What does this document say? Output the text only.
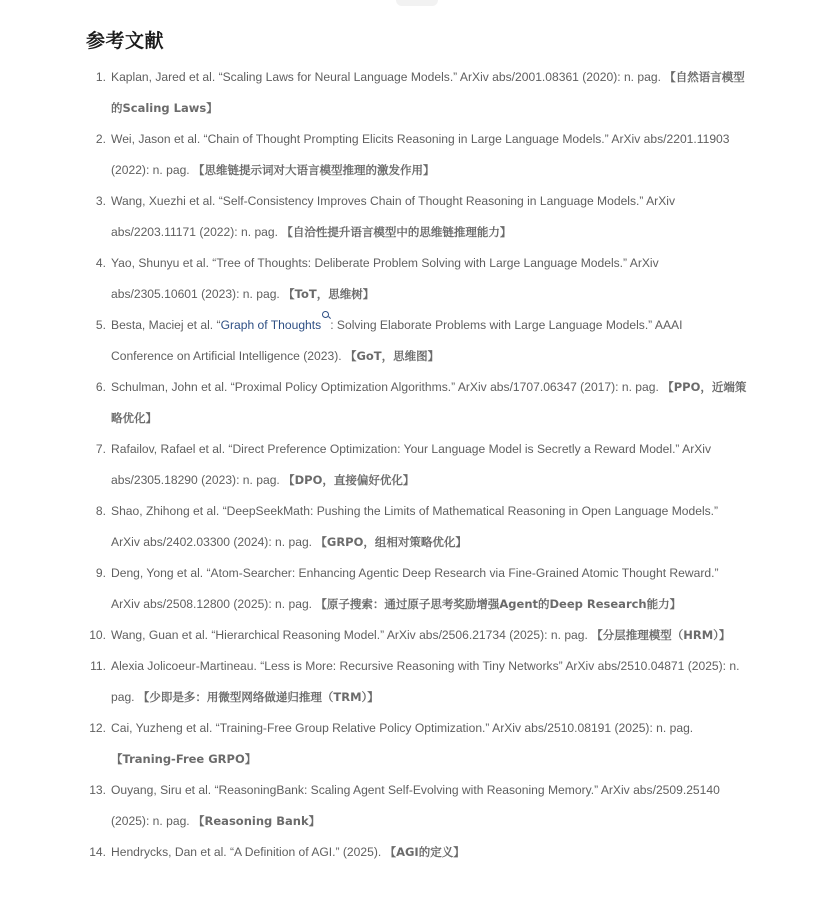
参考文献
1. Kaplan, Jared et al. “Scaling Laws for Neural Language Models.” ArXiv abs/2001.08361 (2020): n. pag. 【自然语言模型的Scaling Laws】
2. Wei, Jason et al. “Chain of Thought Prompting Elicits Reasoning in Large Language Models.” ArXiv abs/2201.11903 (2022): n. pag. 【思维链提示词对大语言模型推理的激发作用】
3. Wang, Xuezhi et al. “Self-Consistency Improves Chain of Thought Reasoning in Language Models.” ArXiv abs/2203.11171 (2022): n. pag. 【自洽性提升语言模型中的思维链推理能力】
4. Yao, Shunyu et al. “Tree of Thoughts: Deliberate Problem Solving with Large Language Models.” ArXiv abs/2305.10601 (2023): n. pag. 【ToT，思维树】
5. Besta, Maciej et al. “Graph of Thoughts : Solving Elaborate Problems with Large Language Models.” AAAI Conference on Artificial Intelligence (2023). 【GoT，思维图】
6. Schulman, John et al. “Proximal Policy Optimization Algorithms.” ArXiv abs/1707.06347 (2017): n. pag. 【PPO，近端策略优化】
7. Rafailov, Rafael et al. “Direct Preference Optimization: Your Language Model is Secretly a Reward Model.” ArXiv abs/2305.18290 (2023): n. pag. 【DPO，直接偏好优化】
8. Shao, Zhihong et al. “DeepSeekMath: Pushing the Limits of Mathematical Reasoning in Open Language Models.” ArXiv abs/2402.03300 (2024): n. pag. 【GRPO，组相对策略优化】
9. Deng, Yong et al. “Atom-Searcher: Enhancing Agentic Deep Research via Fine-Grained Atomic Thought Reward.” ArXiv abs/2508.12800 (2025): n. pag. 【原子搜索：通过原子思考奖励增强Agent的Deep Research能力】
10. Wang, Guan et al. “Hierarchical Reasoning Model.” ArXiv abs/2506.21734 (2025): n. pag. 【分层推理模型（HRM）】
11. Alexia Jolicoeur-Martineau. “Less is More: Recursive Reasoning with Tiny Networks” ArXiv abs/2510.04871 (2025): n. pag. 【少即是多：用微型网络做递归推理（TRM）】
12. Cai, Yuzheng et al. “Training-Free Group Relative Policy Optimization.” ArXiv abs/2510.08191 (2025): n. pag. 【Traning-Free GRPO】
13. Ouyang, Siru et al. “ReasoningBank: Scaling Agent Self-Evolving with Reasoning Memory.” ArXiv abs/2509.25140 (2025): n. pag. 【Reasoning Bank】
14. Hendrycks, Dan et al. “A Definition of AGI.” (2025). 【AGI的定义】
